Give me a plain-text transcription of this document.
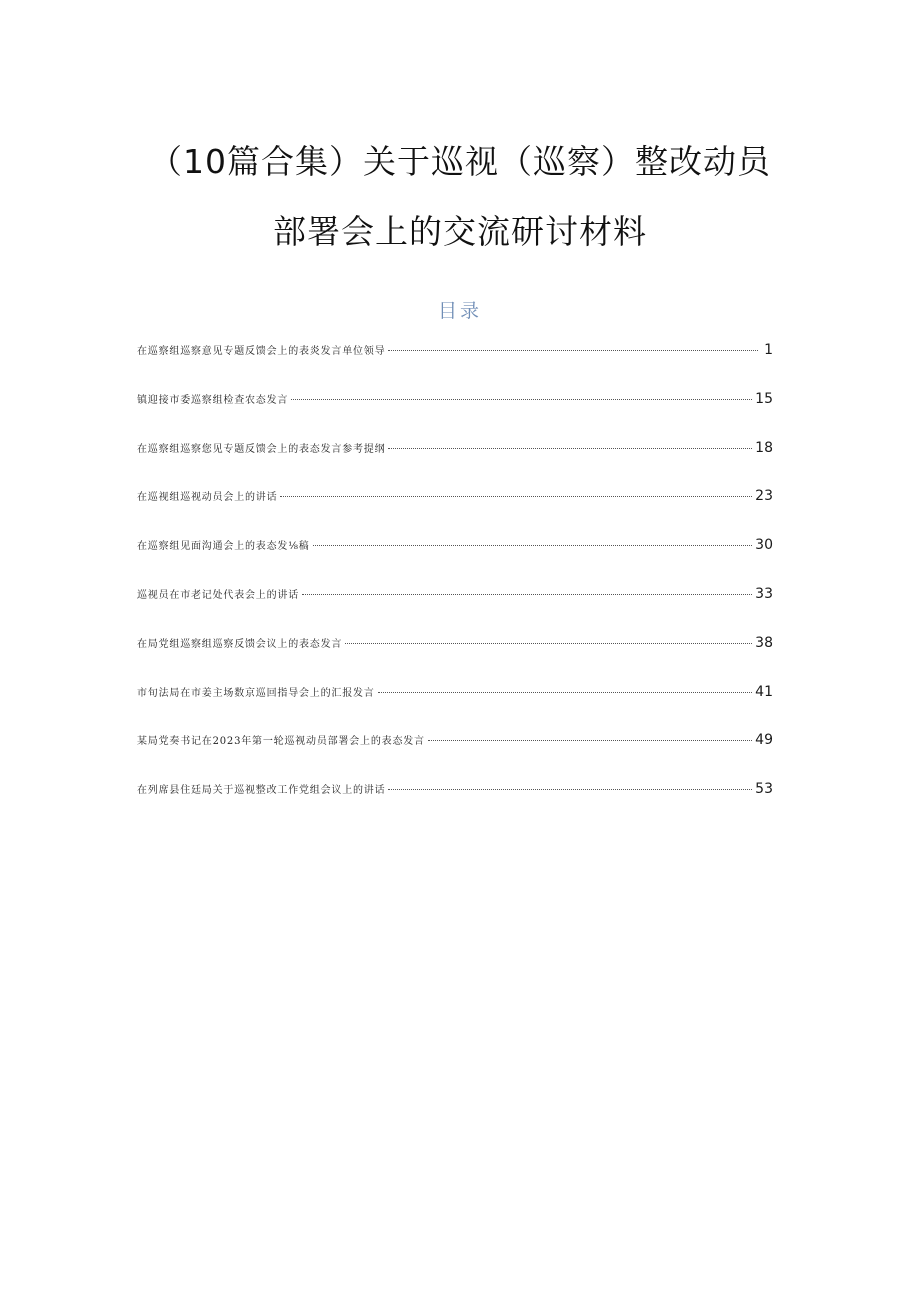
（10篇合集）关于巡视（巡察）整改动员
部署会上的交流研讨材料
目录
在巡察组巡察意见专题反馈会上的表炎发言单位领导	1
镇迎接市委巡察组检查农态发言	15
在巡察组巡察您见专题反馈会上的表态发言参考提纲	18
在巡视组巡视动员会上的讲话	23
在巡察组见面沟通会上的表态发⅛稿	30
巡视员在市老记处代表会上的讲话	33
在局党组巡察组巡察反馈会议上的表态发言	38
市旬法局在市姜主场数京巡回指导会上的汇报发言	41
某局党奏书记在2023年第一轮巡视动员部署会上的表态发言	49
在列席县住廷局关于巡视整改工作党组会议上的讲话	53
